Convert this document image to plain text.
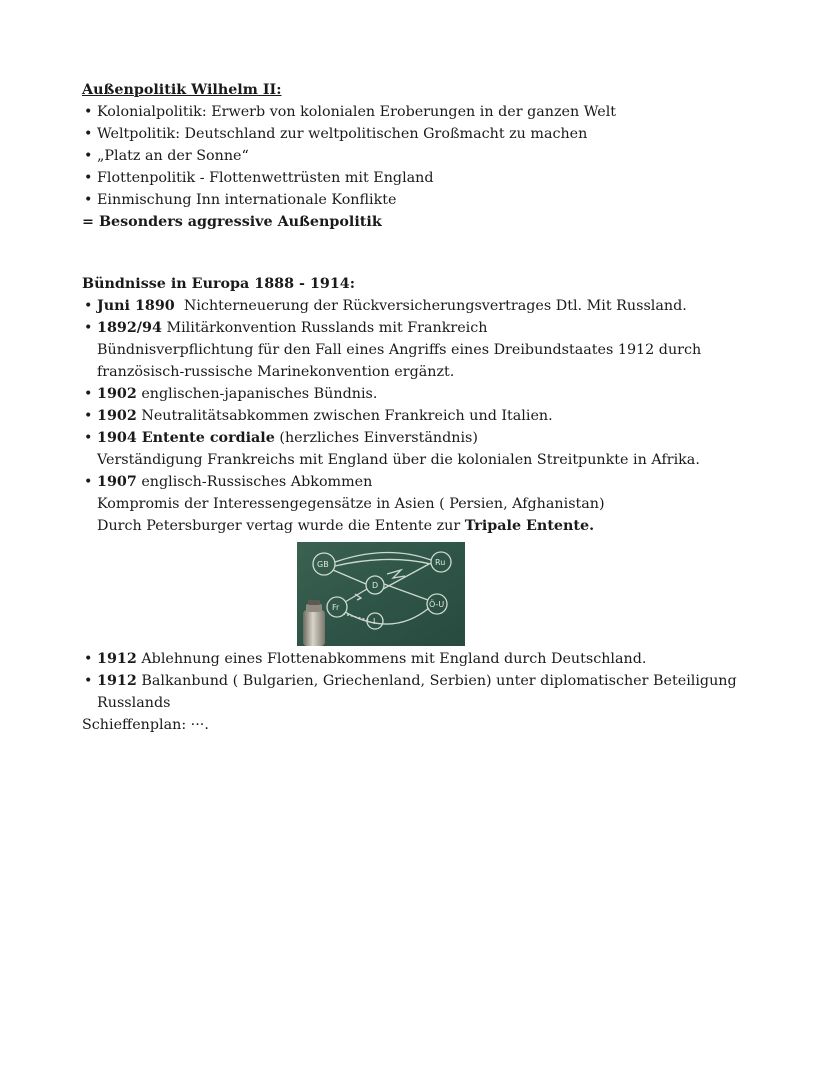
Außenpolitik Wilhelm II:
• Kolonialpolitik: Erwerb von kolonialen Eroberungen in der ganzen Welt
• Weltpolitik: Deutschland zur weltpolitischen Großmacht zu machen
• „Platz an der Sonne“
• Flottenpolitik - Flottenwettrüsten mit England
• Einmischung Inn internationale Konflikte
= Besonders aggressive Außenpolitik
Bündnisse in Europa 1888 - 1914:
• Juni 1890  Nichterneuerung der Rückversicherungsvertrages Dtl. Mit Russland.
• 1892/94 Militärkonvention Russlands mit Frankreich
Bündnisverpflichtung für den Fall eines Angriffs eines Dreibundstaates 1912 durch
französisch-russische Marinekonvention ergänzt.
• 1902 englischen-japanisches Bündnis.
• 1902 Neutralitätsabkommen zwischen Frankreich und Italien.
• 1904 Entente cordiale (herzliches Einverständnis)
Verständigung Frankreichs mit England über die kolonialen Streitpunkte in Afrika.
• 1907 englisch-Russisches Abkommen
Kompromis der Interessengegensätze in Asien ( Persien, Afghanistan)
Durch Petersburger vertag wurde die Entente zur Tripale Entente.
GB	Ru
D
Ö-U
Fr
I
• 1912 Ablehnung eines Flottenabkommens mit England durch Deutschland.
• 1912 Balkanbund ( Bulgarien, Griechenland, Serbien) unter diplomatischer Beteiligung
Russlands
Schieffenplan: ···.
